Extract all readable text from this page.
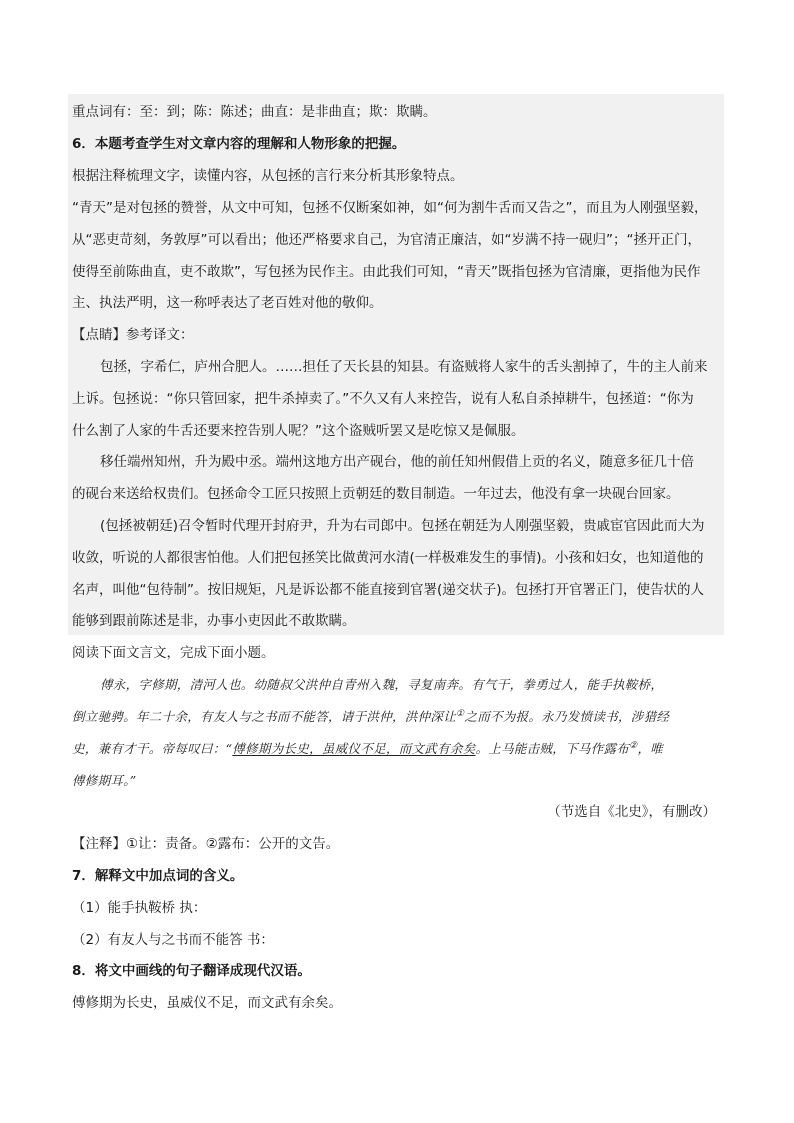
重点词有：至：到；陈：陈述；曲直：是非曲直；欺：欺瞒。
6．本题考查学生对文章内容的理解和人物形象的把握。
根据注释梳理文字，读懂内容，从包拯的言行来分析其形象特点。
“青天”是对包拯的赞誉，从文中可知，包拯不仅断案如神，如“何为割牛舌而又告之”，而且为人刚强坚毅，
从“恶吏苛刻，务敦厚”可以看出；他还严格要求自己，为官清正廉洁，如“岁满不持一砚归”；“拯开正门，
使得至前陈曲直，吏不敢欺”，写包拯为民作主。由此我们可知，“青天”既指包拯为官清廉，更指他为民作
主、执法严明，这一称呼表达了老百姓对他的敬仰。
【点睛】参考译文：
包拯，字希仁，庐州合肥人。……担任了天长县的知县。有盗贼将人家牛的舌头割掉了，牛的主人前来
上诉。包拯说：“你只管回家，把牛杀掉卖了。”不久又有人来控告，说有人私自杀掉耕牛，包拯道：“你为
什么割了人家的牛舌还要来控告别人呢？”这个盗贼听罢又是吃惊又是佩服。
移任端州知州，升为殿中丞。端州这地方出产砚台，他的前任知州假借上贡的名义，随意多征几十倍
的砚台来送给权贵们。包拯命令工匠只按照上贡朝廷的数目制造。一年过去，他没有拿一块砚台回家。
(包拯被朝廷)召令暂时代理开封府尹，升为右司郎中。包拯在朝廷为人刚强坚毅，贵戚宦官因此而大为
收敛，听说的人都很害怕他。人们把包拯笑比做黄河水清(一样极难发生的事情)。小孩和妇女，也知道他的
名声，叫他“包待制”。按旧规矩，凡是诉讼都不能直接到官署(递交状子)。包拯打开官署正门，使告状的人
能够到跟前陈述是非，办事小吏因此不敢欺瞒。
阅读下面文言文，完成下面小题。
傅永，字修期，清河人也。幼随叔父洪仲自青州入魏，寻复南奔。有气干，拳勇过人，能手执鞍桥，
倒立驰骋。年二十余，有友人与之书而不能答，请于洪仲，洪仲深让①之而不为报。永乃发愤读书，涉猎经
史，兼有才干。帝每叹曰：“傅修期为长史，虽威仪不足，而文武有余矣。上马能击贼，下马作露布②，唯
傅修期耳。”
（节选自《北史》，有删改）
【注释】①让：责备。②露布：公开的文告。
7．解释文中加点词的含义。
（1）能手执鞍桥 执：
（2）有友人与之书而不能答 书：
8．将文中画线的句子翻译成现代汉语。
傅修期为长史，虽威仪不足，而文武有余矣。
